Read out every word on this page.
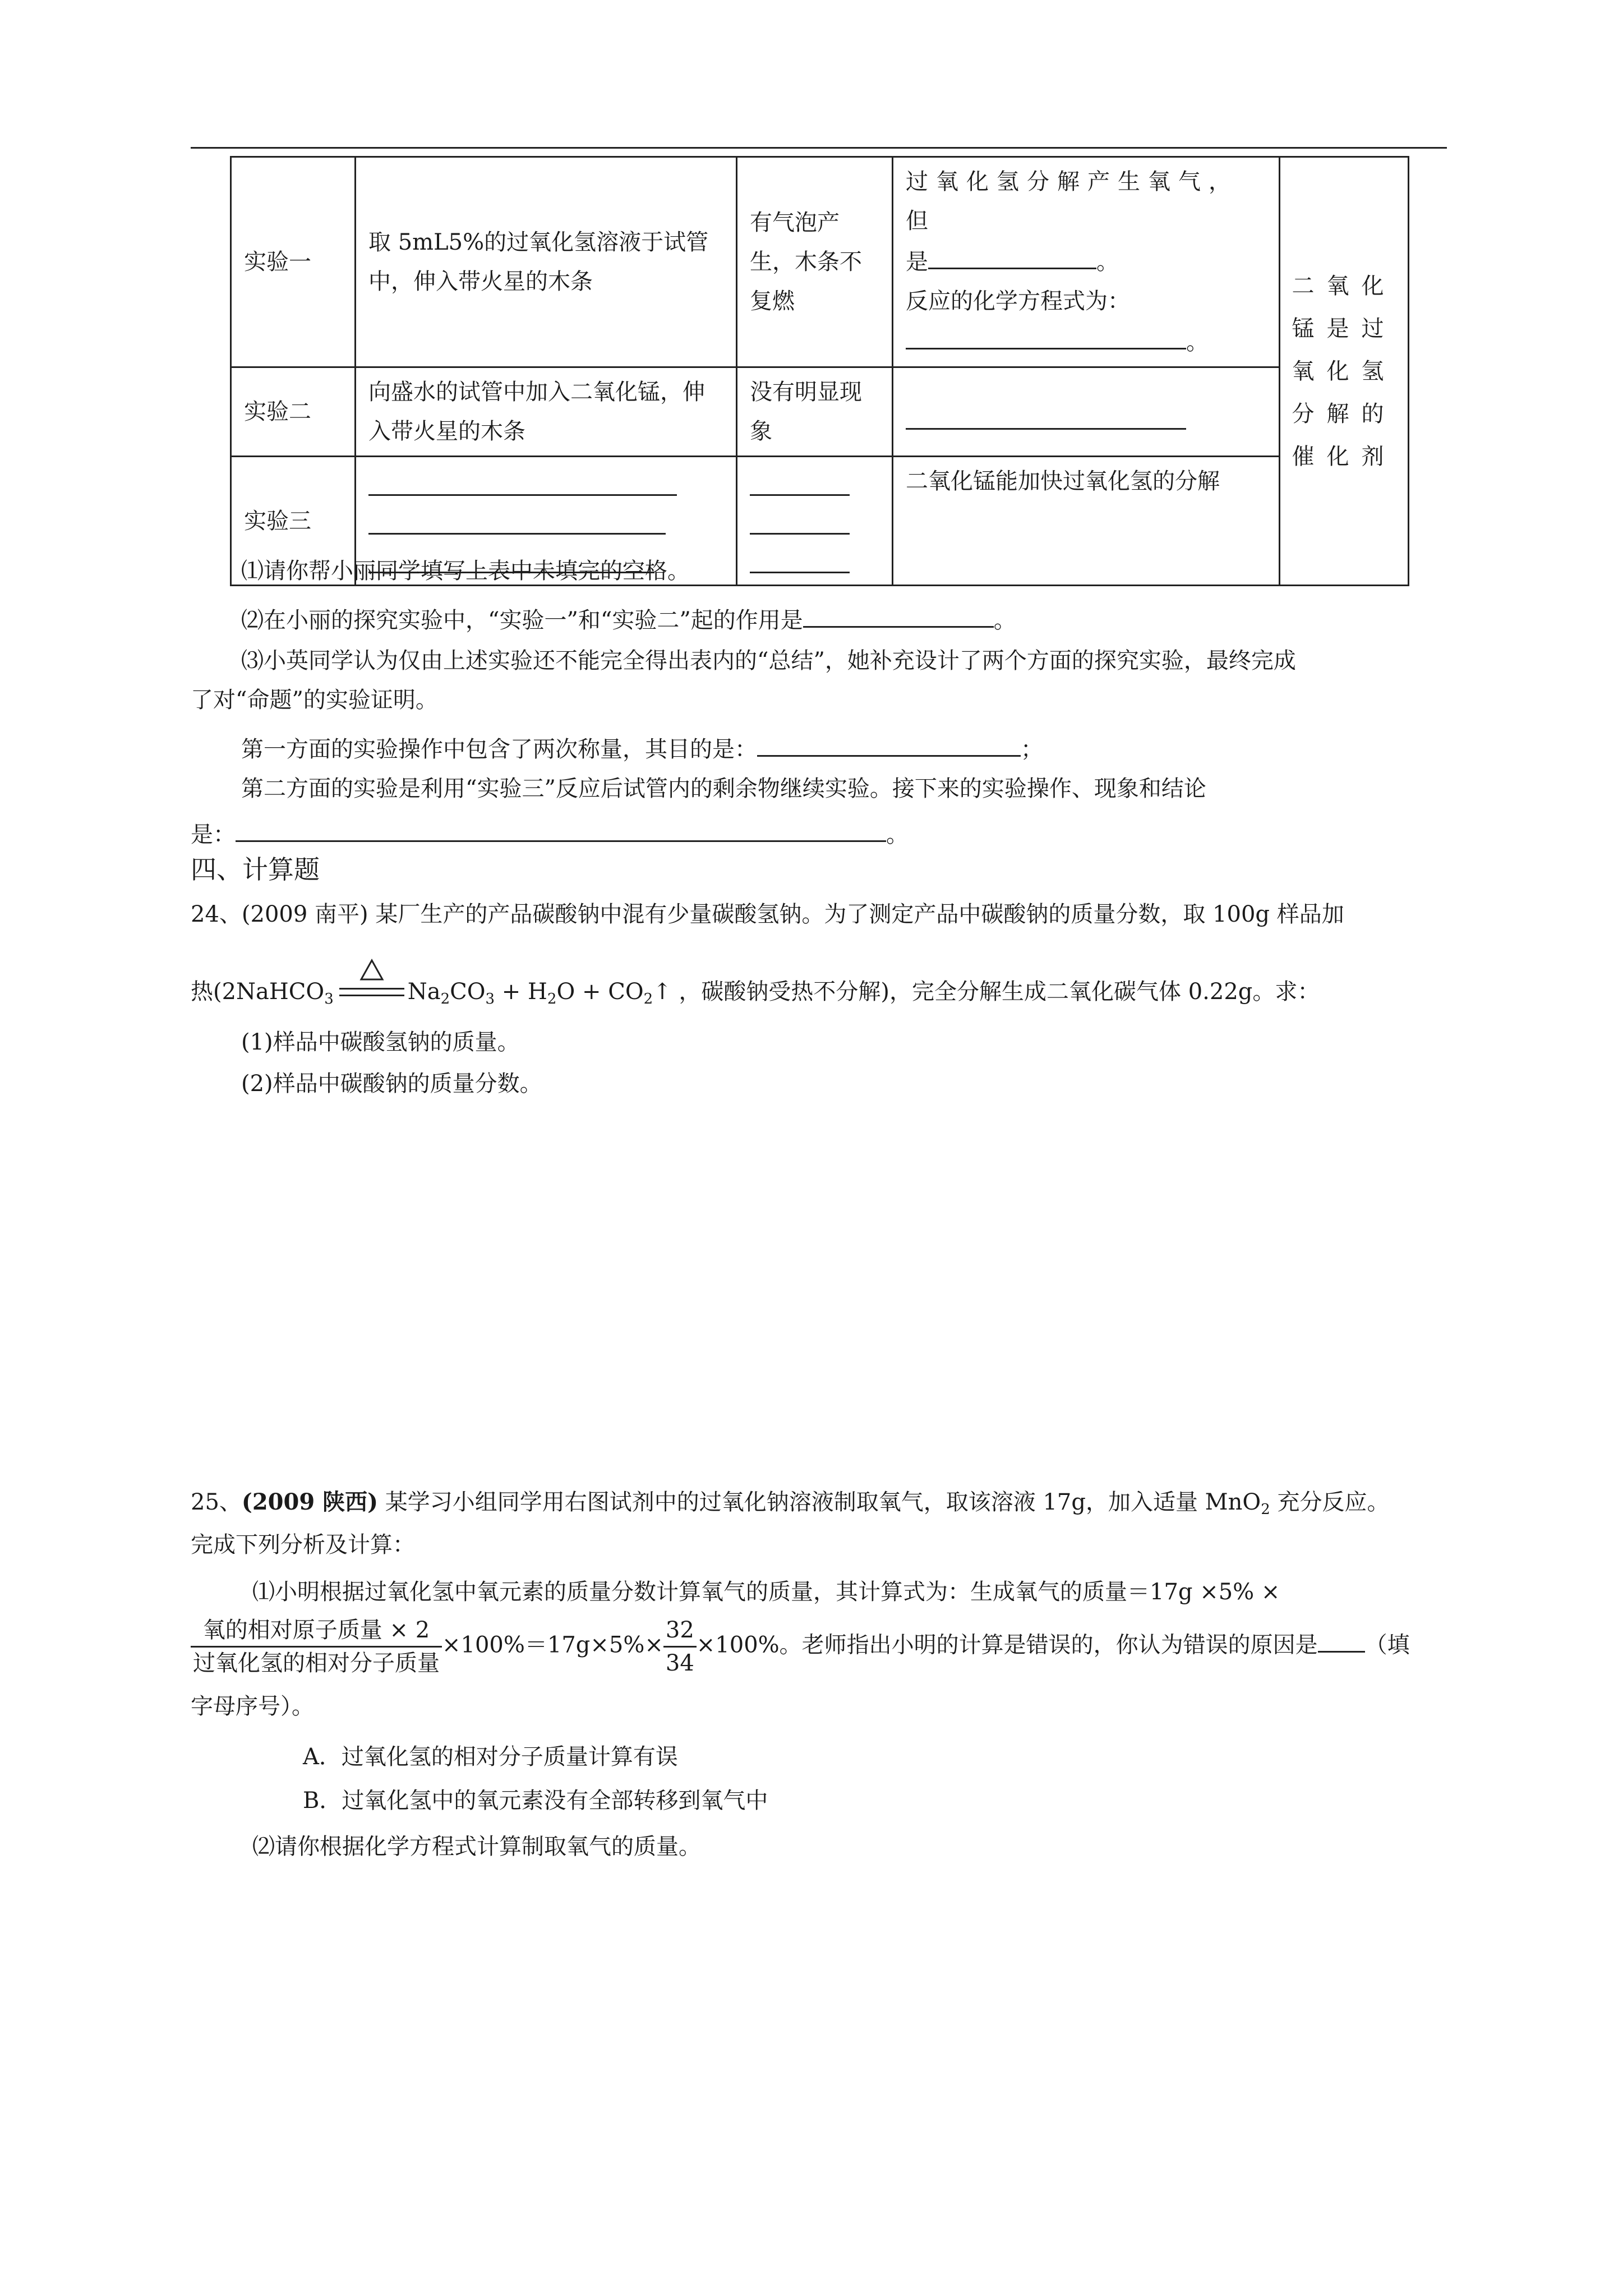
实验一	取 5mL5%的过氧化氢溶液于试管中，伸入带火星的木条	有气泡产生，木条不复燃	过氧化氢分解产生氧气，但
是 。
反应的化学方程式为：
。	二氧化锰是过氧化氢分解的催化剂
实验二	向盛水的试管中加入二氧化锰，伸入带火星的木条	没有明显现象		

实验三			二氧化锰能加快过氧化氢的分解	
⑴请你帮小丽同学填写上表中未填完的空格。
⑵在小丽的探究实验中，“实验一”和“实验二”起的作用是	。
⑶小英同学认为仅由上述实验还不能完全得出表内的“总结”，她补充设计了两个方面的探究实验，最终完成
了对“命题”的实验证明。
第一方面的实验操作中包含了两次称量，其目的是：	；
第二方面的实验是利用“实验三”反应后试管内的剩余物继续实验。接下来的实验操作、现象和结论
是：	。
四、计算题
24、(2009 南平) 某厂生产的产品碳酸钠中混有少量碳酸氢钠。为了测定产品中碳酸钠的质量分数，取 100g 样品加
热(2NaHCO$_3$	$Na_2CO_3 + H_2O$ + $CO_2↑$ ，碳酸钠受热不分解)，完全分解生成二氧化碳气体 0.22g。求：
(1)样品中碳酸氢钠的质量。
(2)样品中碳酸钠的质量分数。
25、(2009 陕西) 某学习小组同学用右图试剂中的过氧化钠溶液制取氧气，取该溶液 17g，加入适量 MnO$_2$ 充分反应。
完成下列分析及计算：
⑴小明根据过氧化氢中氧元素的质量分数计算氧气的质量，其计算式为：生成氧气的质量＝17g ×5% ×
$\frac{\text{氧的相对原子质量 × 2}}{\text{过氧化氢的相对分子质量}} \times 100\%=17g\times 5\%\times \frac{32}{34} \times 100\%$。老师指出小明的计算是错误的，你认为错误的原因是 （填
字母序号）。
A．过氧化氢的相对分子质量计算有误
B．过氧化氢中的氧元素没有全部转移到氧气中
⑵请你根据化学方程式计算制取氧气的质量。
